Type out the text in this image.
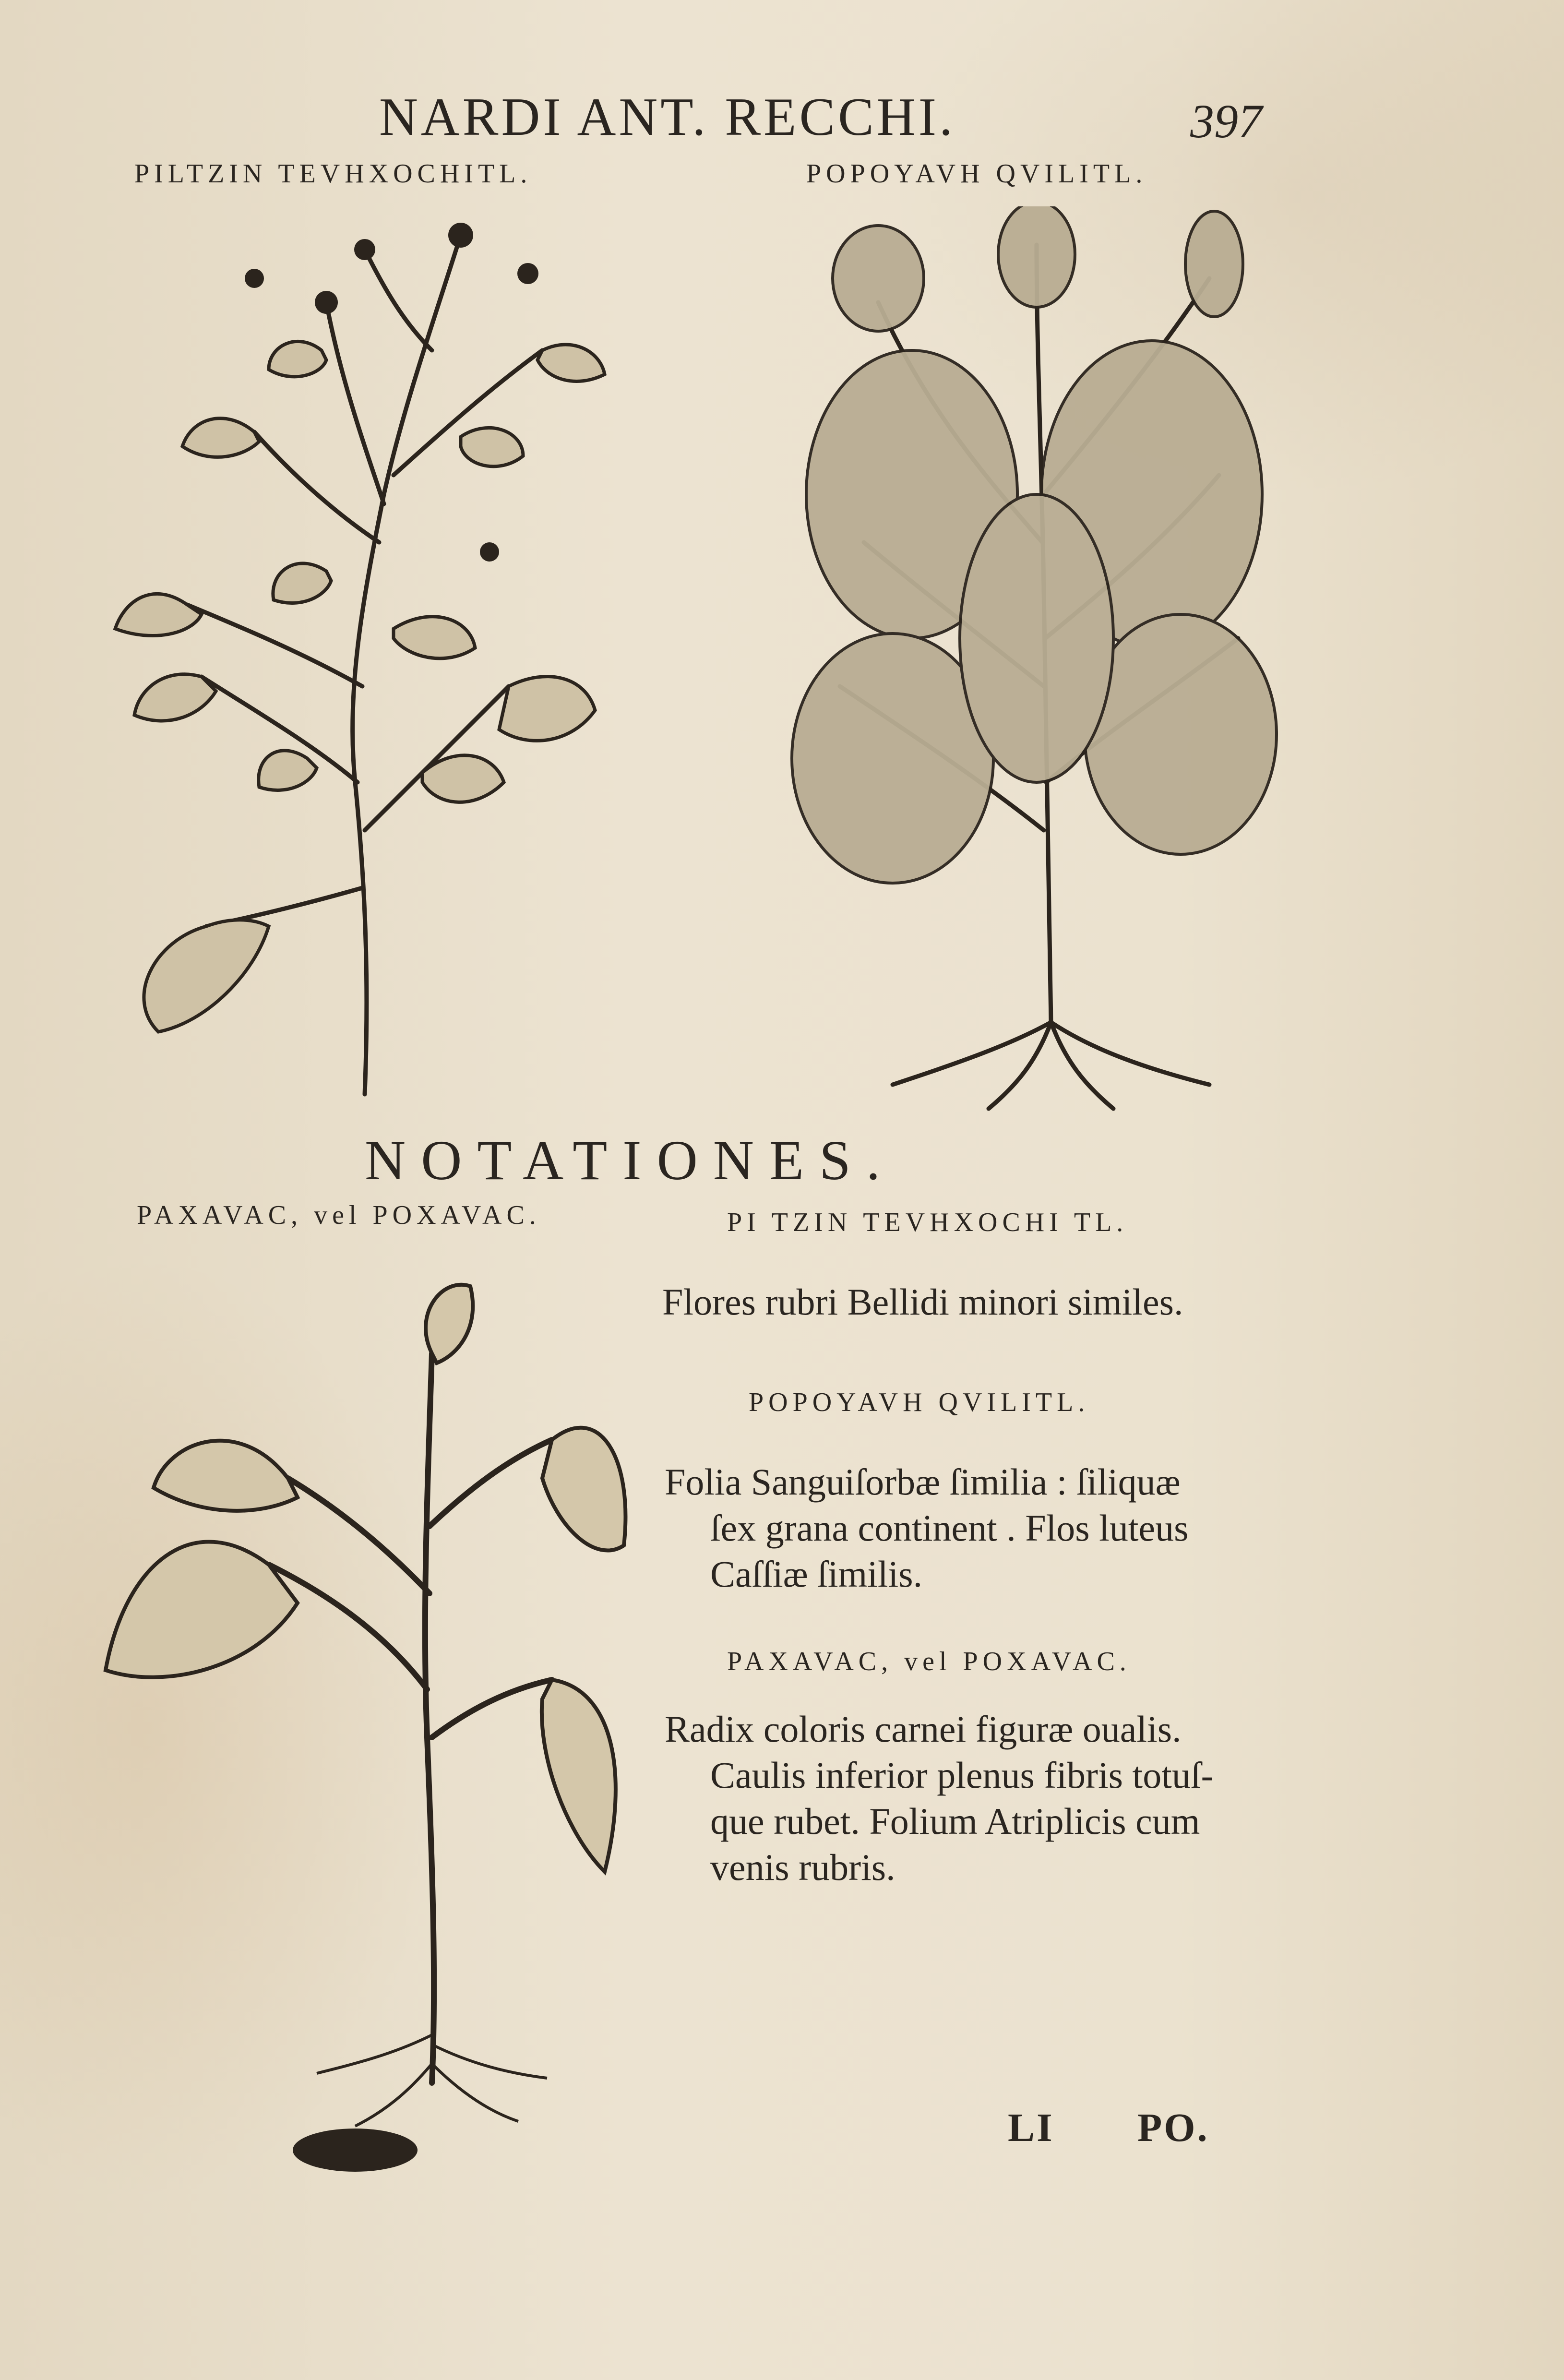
NARDI ANT. RECCHI.	397
PILTZIN TEVHXOCHITL.	POPOYAVH QVILITL.
NOTATIONES.
PAXAVAC, vel POXAVAC.	PI TZIN TEVHXOCHI TL.
Flores rubri Bellidi minori similes.
POPOYAVH QVILITL.
Folia Sanguiſorbæ ſimilia : ſiliquæ
ſex grana continent . Flos luteus
Caſſiæ ſimilis.
PAXAVAC, vel POXAVAC.
Radix coloris carnei figuræ oualis.
Caulis inferior plenus fibris totuſ-
que rubet. Folium Atriplicis cum
venis rubris.
LI PO.
